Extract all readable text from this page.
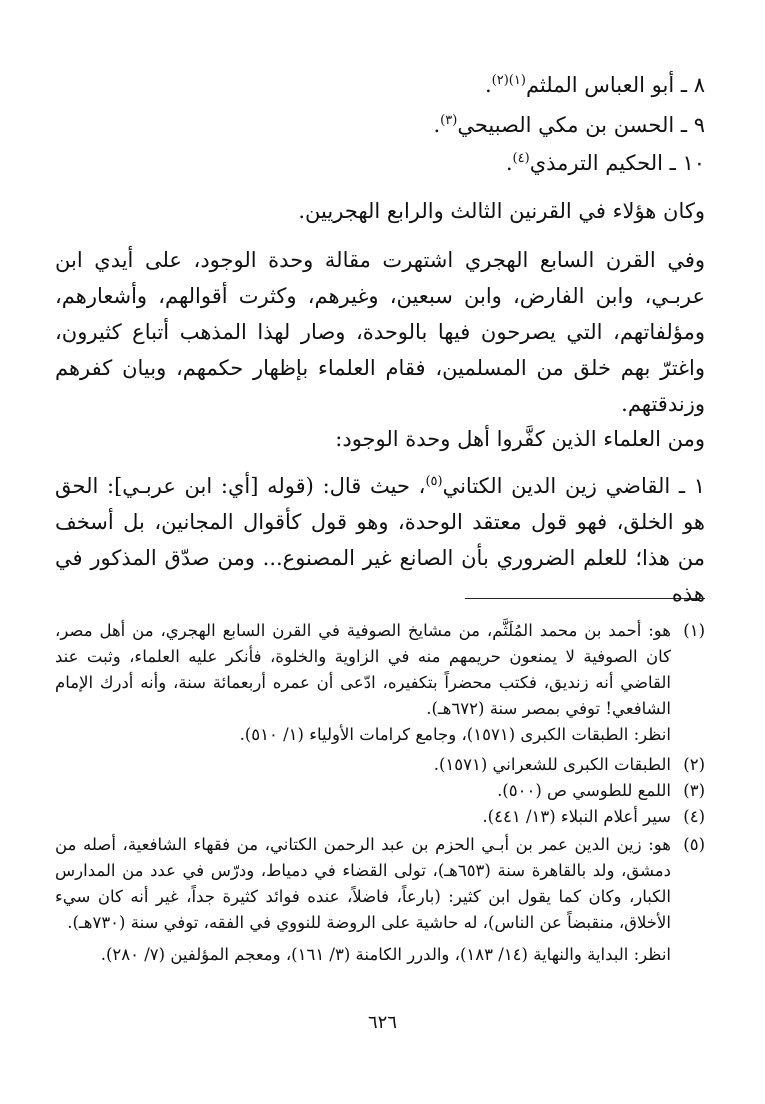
٨ ـ أبو العباس الملثم$^{(١)(٢)}$.
٩ ـ الحسن بن مكي الصبيحي$^{(٣)}$.
١٠ ـ الحكيم الترمذي$^{(٤)}$.
وكان هؤلاء في القرنين الثالث والرابع الهجريين.
وفي القرن السابع الهجري اشتهرت مقالة وحدة الوجود، على أيدي ابن عربـي، وابن الفارض، وابن سبعين، وغيرهم، وكثرت أقوالهم، وأشعارهم، ومؤلفاتهم، التي يصرحون فيها بالوحدة، وصار لهذا المذهب أتباع كثيرون، واغترّ بهم خلق من المسلمين، فقام العلماء بإظهار حكمهم، وبيان كفرهم وزندقتهم.
ومن العلماء الذين كفَّروا أهل وحدة الوجود:
١ ـ القاضي زين الدين الكتاني$^{(٥)}$، حيث قال: (قوله [أي: ابن عربـي]: الحق هو الخلق، فهو قول معتقد الوحدة، وهو قول كأقوال المجانين، بل أسخف من هذا؛ للعلم الضروري بأن الصانع غير المصنوع... ومن صدّق المذكور في هذه
(١)
هو: أحمد بن محمد المُلَثَّم، من مشايخ الصوفية في القرن السابع الهجري، من أهل مصر، كان الصوفية لا يمنعون حريمهم منه في الزاوية والخلوة، فأنكر عليه العلماء، وثبت عند القاضي أنه زنديق، فكتب محضراً بتكفيره، ادّعى أن عمره أربعمائة سنة، وأنه أدرك الإمام الشافعي! توفي بمصر سنة (٦٧٢هـ).
انظر: الطبقات الكبرى (١٥٧١)، وجامع كرامات الأولياء (١/ ٥١٠).
(٢)
الطبقات الكبرى للشعراني (١٥٧١).
(٣)
اللمع للطوسي ص (٥٠٠).
(٤)
سير أعلام النبلاء (١٣/ ٤٤١).
(٥)
هو: زين الدين عمر بن أبـي الحزم بن عبد الرحمن الكتاني، من فقهاء الشافعية، أصله من دمشق، ولد بالقاهرة سنة (٦٥٣هـ)، تولى القضاء في دمياط، ودرّس في عدد من المدارس الكبار، وكان كما يقول ابن كثير: (بارعاً، فاضلاً، عنده فوائد كثيرة جداً، غير أنه كان سيء الأخلاق، منقبضاً عن الناس)، له حاشية على الروضة للنووي في الفقه، توفي سنة (٧٣٠هـ).
انظر: البداية والنهاية (١٤/ ١٨٣)، والدرر الكامنة (٣/ ١٦١)، ومعجم المؤلفين (٧/ ٢٨٠).
٦٢٦
